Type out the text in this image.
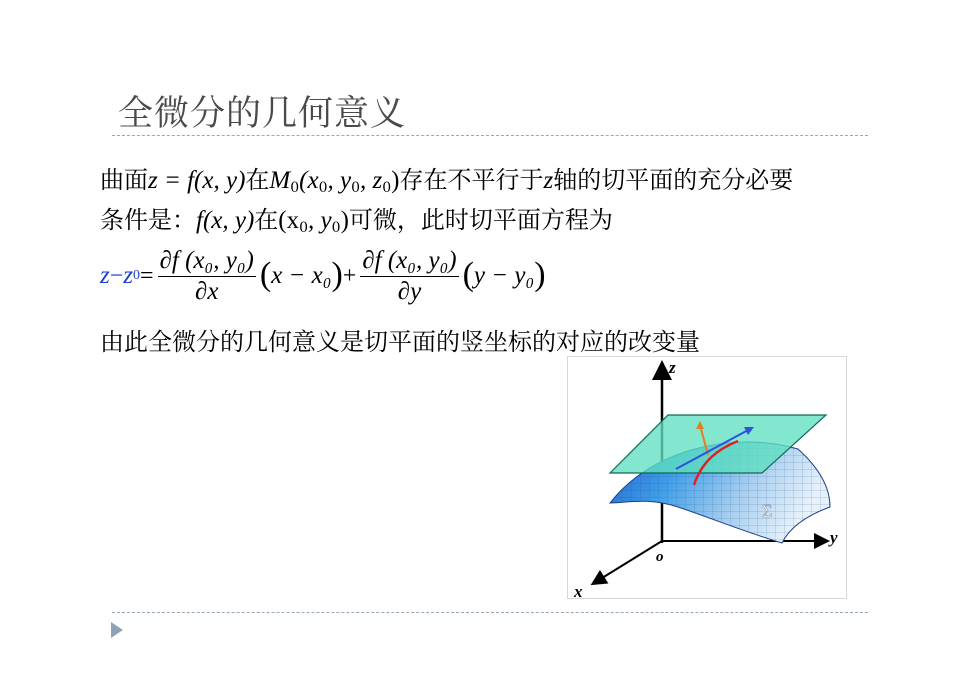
全微分的几何意义
曲面z = f(x, y)在$M_0(x_0$, $y_0$, $z_0$)存在不平行于z轴的切平面的充分必要
条件是：f(x, y)在($x_0$, $y_0$)可微，此时切平面方程为
z − z $0 = \frac{\text{∂f (x₀, y₀)}}{\partial x}$ ( x − x₀ ) + $\frac{\text{∂f (x₀, y₀)}}{\partial y}$ ( y − y₀ )
由此全微分的几何意义是切平面的竖坐标的对应的改变量
z
y
x
o
Σ
